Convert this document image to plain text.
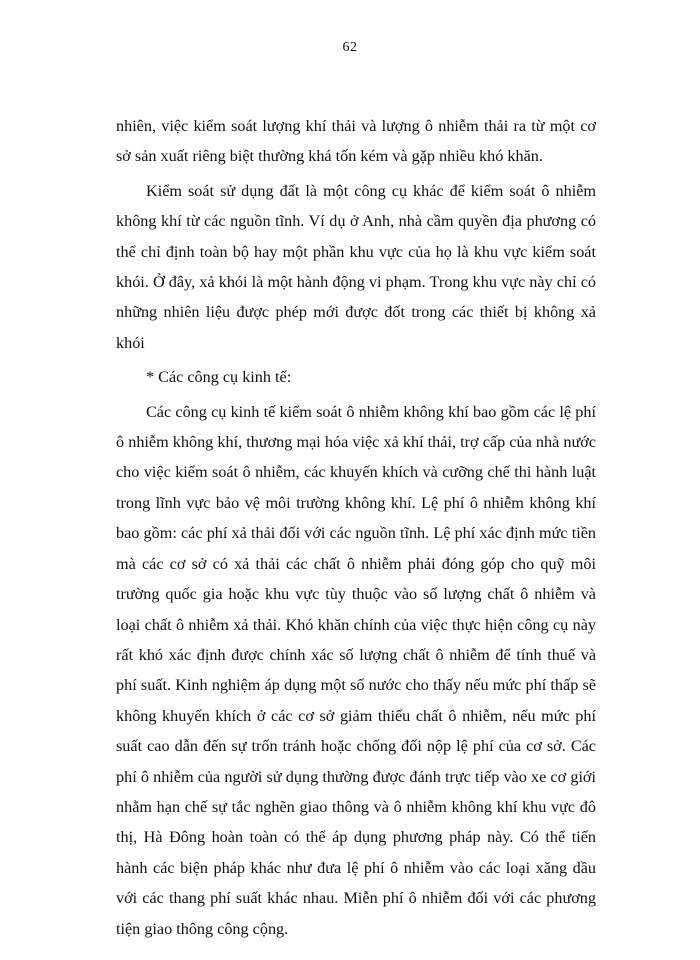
62

nhiên, việc kiểm soát lượng khí thải và lượng ô nhiễm thải ra từ một cơ sở sản xuất riêng biệt thường khá tốn kém và gặp nhiều khó khăn.

Kiểm soát sử dụng đất là một công cụ khác để kiểm soát ô nhiễm không khí từ các nguồn tĩnh. Ví dụ ở Anh, nhà cầm quyền địa phương có thể chỉ định toàn bộ hay một phần khu vực của họ là khu vực kiểm soát khói. Ở đây, xả khói là một hành động vi phạm. Trong khu vực này chỉ có những nhiên liệu được phép mới được đốt trong các thiết bị không xả khói

* Các công cụ kinh tế:

Các công cụ kinh tế kiểm soát ô nhiễm không khí bao gồm các lệ phí ô nhiễm không khí, thương mại hóa việc xả khí thải, trợ cấp của nhà nước cho việc kiểm soát ô nhiễm, các khuyến khích và cưỡng chế thi hành luật trong lĩnh vực bảo vệ môi trường không khí. Lệ phí ô nhiễm không khí bao gồm: các phí xả thải đối với các nguồn tĩnh. Lệ phí xác định mức tiền mà các cơ sở có xả thải các chất ô nhiễm phải đóng góp cho quỹ môi trường quốc gia hoặc khu vực tùy thuộc vào số lượng chất ô nhiễm và loại chất ô nhiễm xả thải. Khó khăn chính của việc thực hiện công cụ này rất khó xác định được chính xác số lượng chất ô nhiễm để tính thuế và phí suất. Kinh nghiệm áp dụng một số nước cho thấy nếu mức phí thấp sẽ không khuyến khích ở các cơ sở giảm thiểu chất ô nhiễm, nếu mức phí suất cao dẫn đến sự trốn tránh hoặc chống đối nộp lệ phí của cơ sở. Các phí ô nhiễm của người sử dụng thường được đánh trực tiếp vào xe cơ giới nhằm hạn chế sự tắc nghẽn giao thông và ô nhiễm không khí khu vực đô thị, Hà Đông hoàn toàn có thể áp dụng phương pháp này. Có thể tiến hành các biện pháp khác như đưa lệ phí ô nhiễm vào các loại xăng dầu với các thang phí suất khác nhau. Miễn phí ô nhiễm đối với các phương tiện giao thông công cộng.
